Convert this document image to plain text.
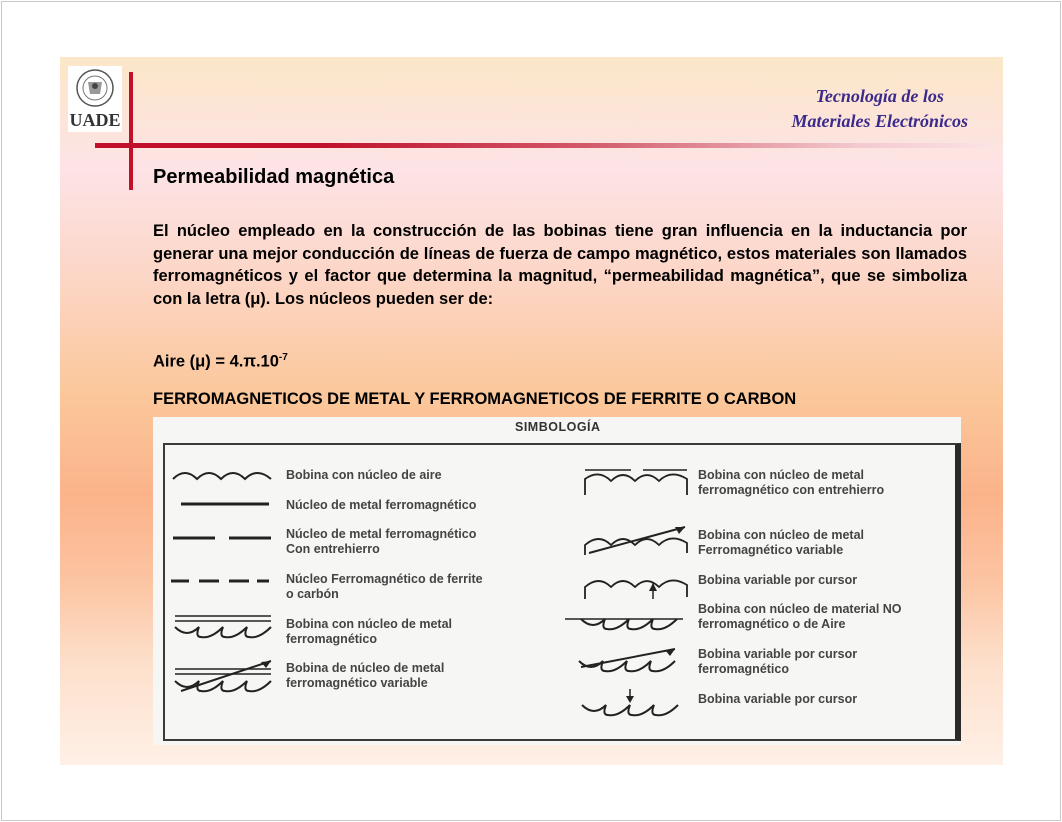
UADE
Tecnología de los
Materiales Electrónicos
Permeabilidad magnética
El núcleo empleado en la construcción de las bobinas tiene gran influencia en la inductancia por generar una mejor conducción de líneas de fuerza de campo magnético, estos materiales son llamados ferromagnéticos y el factor que determina la magnitud, “permeabilidad magnética”, que se simboliza con la letra (μ). Los núcleos pueden ser de:
Aire $(\mu) = 4.\pi.10^{-7}$
FERROMAGNETICOS DE METAL Y FERROMAGNETICOS DE FERRITE O CARBON
SIMBOLOGÍA
Bobina con núcleo de aire
Núcleo de metal ferromagnético
Núcleo de metal ferromagnético
Con entrehierro
Núcleo Ferromagnético de ferrite
o carbón
Bobina con núcleo de metal
ferromagnético
Bobina de núcleo de metal
ferromagnético variable
Bobina con núcleo de metal
ferromagnético con entrehierro
Bobina con núcleo de metal
Ferromagnético variable
Bobina variable por cursor
Bobina con núcleo de material NO
ferromagnético o de Aire
Bobina variable por cursor
ferromagnético
Bobina variable por cursor
